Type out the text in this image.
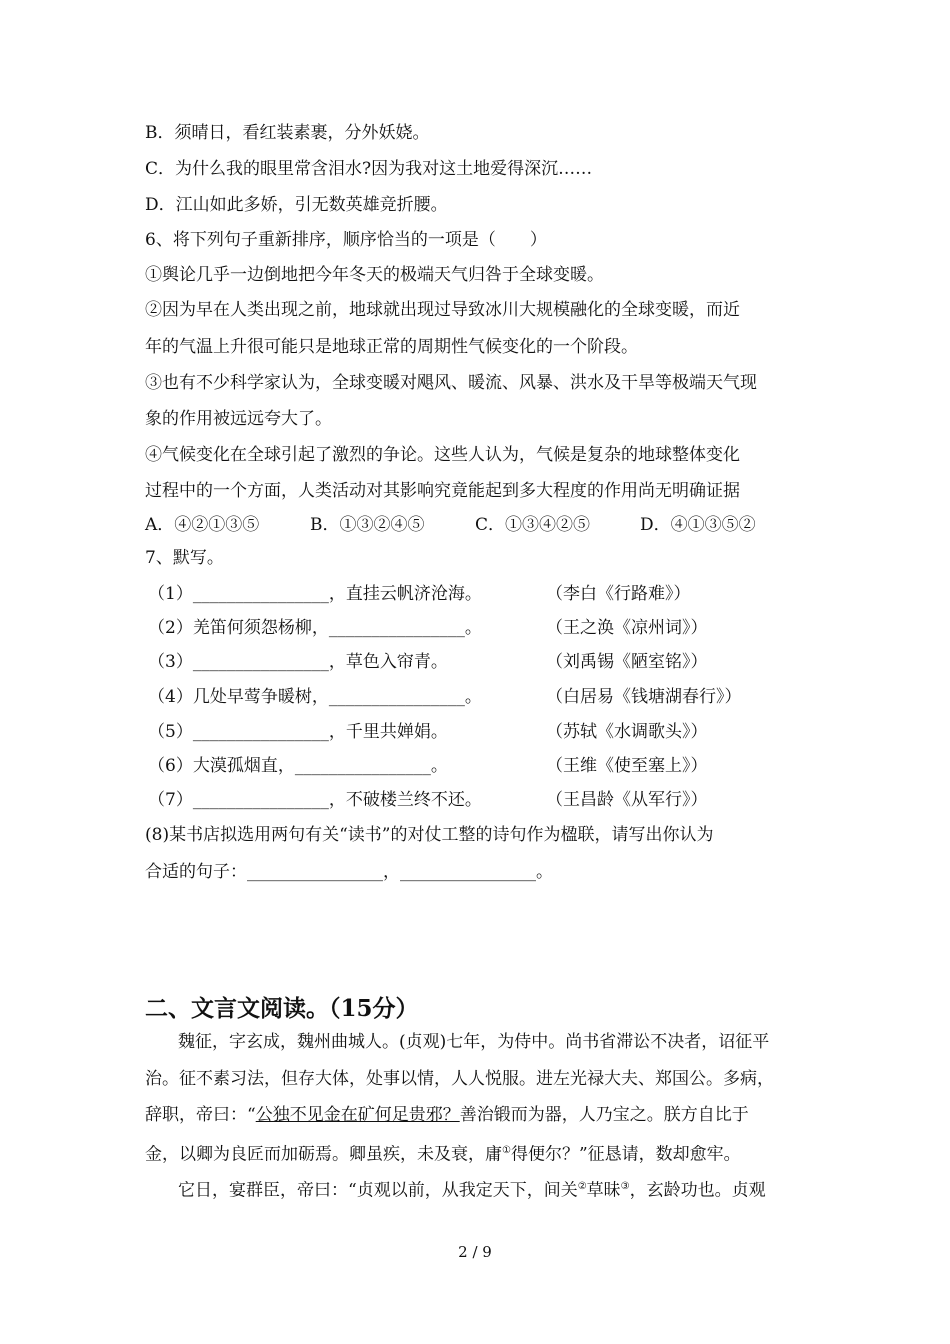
B．须晴日，看红装素裹，分外妖娆。
C．为什么我的眼里常含泪水?因为我对这土地爱得深沉……
D．江山如此多娇，引无数英雄竞折腰。
6、将下列句子重新排序，顺序恰当的一项是（　　）
①舆论几乎一边倒地把今年冬天的极端天气归咎于全球变暖。
②因为早在人类出现之前，地球就出现过导致冰川大规模融化的全球变暖，而近
年的气温上升很可能只是地球正常的周期性气候变化的一个阶段。
③也有不少科学家认为，全球变暖对飓风、暖流、风暴、洪水及干旱等极端天气现
象的作用被远远夸大了。
④气候变化在全球引起了激烈的争论。这些人认为，气候是复杂的地球整体变化
过程中的一个方面，人类活动对其影响究竟能起到多大程度的作用尚无明确证据
A．④②①③⑤	B．①③②④⑤	C．①③④②⑤	D．④①③⑤②
7、默写。
（1）________________，直挂云帆济沧海。	（李白《行路难》）
（2）羌笛何须怨杨柳，________________。	（王之涣《凉州词》）
（3）________________，草色入帘青。	（刘禹锡《陋室铭》）
（4）几处早莺争暖树，________________。	（白居易《钱塘湖春行》）
（5）________________，千里共婵娟。	（苏轼《水调歌头》）
（6）大漠孤烟直，________________。	（王维《使至塞上》）
（7）________________，不破楼兰终不还。	（王昌龄《从军行》）
(8)某书店拟选用两句有关“读书”的对仗工整的诗句作为楹联，请写出你认为
合适的句子：________________，________________。
二、文言文阅读。（15分）
魏征，字玄成，魏州曲城人。(贞观)七年，为侍中。尚书省滞讼不决者，诏征平
治。征不素习法，但存大体，处事以情，人人悦服。进左光禄大夫、郑国公。多病，
辞职，帝曰：“公独不见金在矿何足贵邪？善治锻而为器，人乃宝之。朕方自比于
金，以卿为良匠而加砺焉。卿虽疾，未及衰，庸①得便尔？”征恳请，数却愈牢。
它日，宴群臣，帝曰：“贞观以前，从我定天下，间关②草昧③，玄龄功也。贞观
2 / 9
